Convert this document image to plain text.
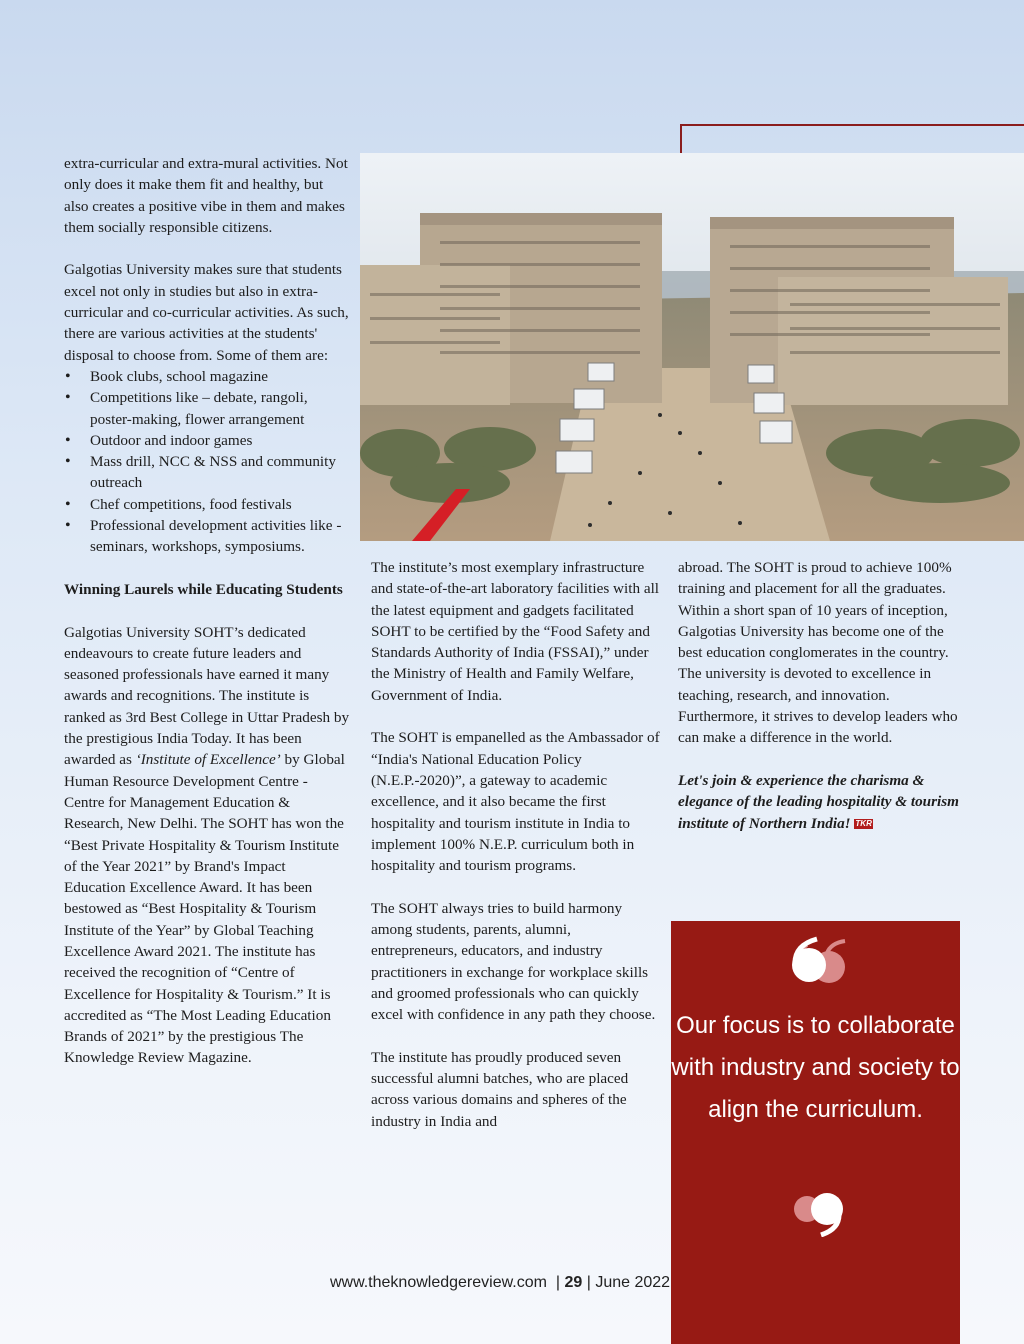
extra-curricular and extra-mural activities. Not only does it make them fit and healthy, but also creates a positive vibe in them and makes them socially responsible citizens.

Galgotias University makes sure that students excel not only in studies but also in extra-curricular and co-curricular activities. As such, there are various activities at the students' disposal to choose from. Some of them are:

• Book clubs, school magazine
• Competitions like – debate, rangoli, poster-making, flower arrangement
• Outdoor and indoor games
• Mass drill, NCC & NSS and community outreach
• Chef competitions, food festivals
• Professional development activities like - seminars, workshops, symposiums.

Winning Laurels while Educating Students

Galgotias University SOHT’s dedicated endeavours to create future leaders and seasoned professionals have earned it many awards and recognitions. The institute is ranked as 3rd Best College in Uttar Pradesh by the prestigious India Today. It has been awarded as ‘Institute of Excellence’ by Global Human Resource Development Centre - Centre for Management Education & Research, New Delhi. The SOHT has won the “Best Private Hospitality & Tourism Institute of the Year 2021” by Brand's Impact Education Excellence Award. It has been bestowed as “Best Hospitality & Tourism Institute of the Year” by Global Teaching Excellence Award 2021. The institute has received the recognition of “Centre of Excellence for Hospitality & Tourism.” It is accredited as “The Most Leading Education Brands of 2021” by the prestigious The Knowledge Review Magazine.

The institute’s most exemplary infrastructure and state-of-the-art laboratory facilities with all the latest equipment and gadgets facilitated SOHT to be certified by the “Food Safety and Standards Authority of India (FSSAI),” under the Ministry of Health and Family Welfare, Government of India.

The SOHT is empanelled as the Ambassador of “India's National Education Policy (N.E.P.-2020)”, a gateway to academic excellence, and it also became the first hospitality and tourism institute in India to implement 100% N.E.P. curriculum both in hospitality and tourism programs.

The SOHT always tries to build harmony among students, parents, alumni, entrepreneurs, educators, and industry practitioners in exchange for workplace skills and groomed professionals who can quickly excel with confidence in any path they choose.

The institute has proudly produced seven successful alumni batches, who are placed across various domains and spheres of the industry in India and

abroad. The SOHT is proud to achieve 100% training and placement for all the graduates. Within a short span of 10 years of inception, Galgotias University has become one of the best education conglomerates in the country. The university is devoted to excellence in teaching, research, and innovation. Furthermore, it strives to develop leaders who can make a difference in the world.

Let's join & experience the charisma & elegance of the leading hospitality & tourism institute of Northern India! TKR

Our focus is to collaborate with industry and society to align the curriculum.
www.theknowledgereview.com | 29 | June 2022
